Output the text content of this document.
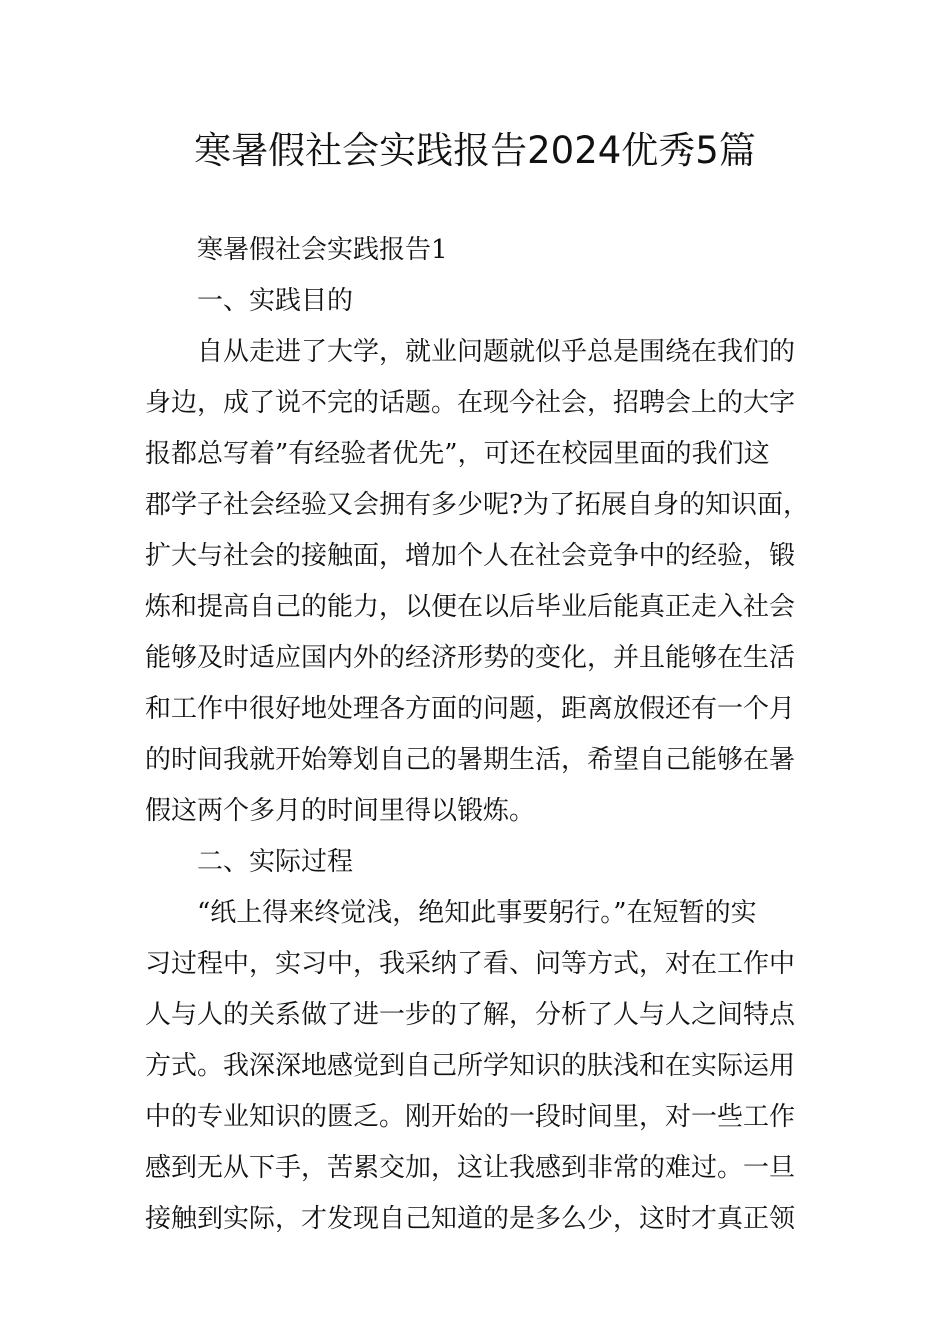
寒暑假社会实践报告2024优秀5篇
寒暑假社会实践报告1
一、实践目的
自从走进了大学，就业问题就似乎总是围绕在我们的
身边，成了说不完的话题。在现今社会，招聘会上的大字
报都总写着”有经验者优先”，可还在校园里面的我们这
郡学子社会经验又会拥有多少呢?为了拓展自身的知识面，
扩大与社会的接触面，增加个人在社会竞争中的经验，锻
炼和提高自己的能力，以便在以后毕业后能真正走入社会
能够及时适应国内外的经济形势的变化，并且能够在生活
和工作中很好地处理各方面的问题，距离放假还有一个月
的时间我就开始筹划自己的暑期生活，希望自己能够在暑
假这两个多月的时间里得以锻炼。
二、实际过程
“纸上得来终觉浅，绝知此事要躬行。”在短暂的实
习过程中，实习中，我采纳了看、问等方式，对在工作中
人与人的关系做了进一步的了解，分析了人与人之间特点
方式。我深深地感觉到自己所学知识的肤浅和在实际运用
中的专业知识的匮乏。刚开始的一段时间里，对一些工作
感到无从下手，苦累交加，这让我感到非常的难过。一旦
接触到实际，才发现自己知道的是多么少，这时才真正领
